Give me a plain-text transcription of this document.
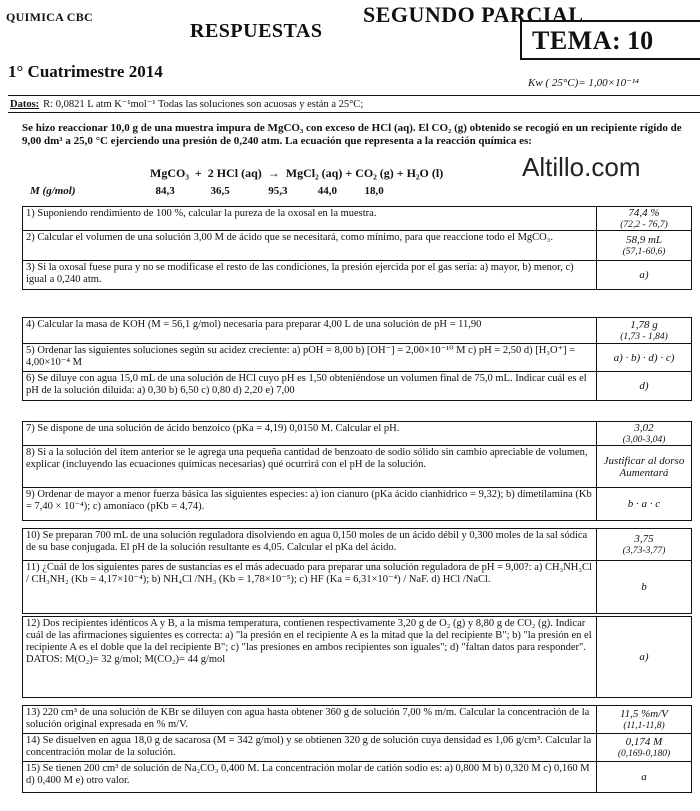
QUIMICA CBC
RESPUESTAS
SEGUNDO PARCIAL
TEMA: 10
1° Cuatrimestre 2014
Kw ( 25°C)= 1,00×10⁻¹⁴
Datos: R: 0,0821 L atm K⁻¹mol⁻¹ Todas las soluciones son acuosas y están a 25°C;
Se hizo reaccionar 10,0 g de una muestra impura de MgCO₃ con exceso de HCl (aq). El CO₂ (g) obtenido se recogió en un recipiente rígido de 9,00 dm³ a 25,0 °C ejerciendo una presión de 0,240 atm. La ecuación que representa a la reacción química es:
Altillo.com
MgCO₃  +  2 HCl (aq)  →  MgCl₂ (aq) + CO₂ (g) + H₂O (l)
M (g/mol)	84,3             36,5              95,3           44,0          18,0
1) Suponiendo rendimiento de 100 %, calcular la pureza de la oxosal en la muestra.	74,4 %
(72,2 - 76,7)
2) Calcular el volumen de una solución 3,00 M de ácido que se necesitará, como mínimo, para que reaccione todo el MgCO₃.	58,9 mL
(57,1-60,6)
3) Si la oxosal fuese pura y no se modificase el resto de las condiciones, la presión ejercida por el gas sería: a) mayor, b) menor, c) igual a 0,240 atm.	a)
4) Calcular la masa de KOH (M = 56,1 g/mol) necesaria para preparar 4,00 L de una solución de pH = 11,90	1,78 g
(1,73 - 1,84)
5) Ordenar las siguientes soluciones según su acidez creciente: a) pOH = 8,00 b) [OH⁻] = 2,00×10⁻¹⁰ M c) pH = 2,50 d) [H₃O⁺] = 4,00×10⁻⁴ M	a) · b) · d) · c)
6) Se diluye con agua 15,0 mL de una solución de HCl cuyo pH es 1,50 obteniéndose un volumen final de 75,0 mL. Indicar cuál es el pH de la solución diluida: a) 0,30 b) 6,50 c) 0,80 d) 2,20 e) 7,00	d)
7) Se dispone de una solución de ácido benzoico (pKa = 4,19) 0,0150 M. Calcular el pH.	3,02
(3,00-3,04)
8) Si a la solución del ítem anterior se le agrega una pequeña cantidad de benzoato de sodio sólido sin cambio apreciable de volumen, explicar (incluyendo las ecuaciones químicas necesarias) qué ocurrirá con el pH de la solución.	Justificar al dorso Aumentará
9) Ordenar de mayor a menor fuerza básica las siguientes especies: a) ion cianuro (pKa ácido cianhídrico = 9,32); b) dimetilamina (Kb = 7,40 × 10⁻⁴); c) amoníaco (pKb = 4,74).	b · a · c
10) Se preparan 700 mL de una solución reguladora disolviendo en agua 0,150 moles de un ácido débil y 0,300 moles de la sal sódica de su base conjugada. El pH de la solución resultante es 4,05. Calcular el pKa del ácido.
3,75
(3,73-3,77)
11) ¿Cuál de los siguientes pares de sustancias es el más adecuado para preparar una solución reguladora de pH = 9,00?: a) CH₃NH₃Cl / CH₃NH₂ (Kb = 4,17×10⁻⁴); b) NH₄Cl /NH₃ (Kb = 1,78×10⁻⁵); c) HF (Ka = 6,31×10⁻⁴) / NaF. d) HCl /NaCl.
b
12) Dos recipientes idénticos A y B, a la misma temperatura, contienen respectivamente 3,20 g de O₂ (g) y 8,80 g de CO₂ (g). Indicar cuál de las afirmaciones siguientes es correcta: a) "la presión en el recipiente A es la mitad que la del recipiente B"; b) "la presión en el recipiente A es el doble que la del recipiente B"; c) "las presiones en ambos recipientes son iguales"; d) "faltan datos para responder". DATOS: M(O₂)= 32 g/mol; M(CO₂)= 44 g/mol	a)
13) 220 cm³ de una solución de KBr se diluyen con agua hasta obtener 360 g de solución 7,00 % m/m. Calcular la concentración de la solución original expresada en % m/V.
11,5 %m/V
(11,1-11,8)
14) Se disuelven en agua 18,0 g de sacarosa (M = 342 g/mol) y se obtienen 320 g de solución cuya densidad es 1,06 g/cm³. Calcular la concentración molar de la solución.
0,174 M
(0,169-0,180)
15) Se tienen 200 cm³ de solución de Na₂CO₃ 0,400 M. La concentración molar de catión sodio es: a) 0,800 M b) 0,320 M c) 0,160 M d) 0,400 M e) otro valor.	a
